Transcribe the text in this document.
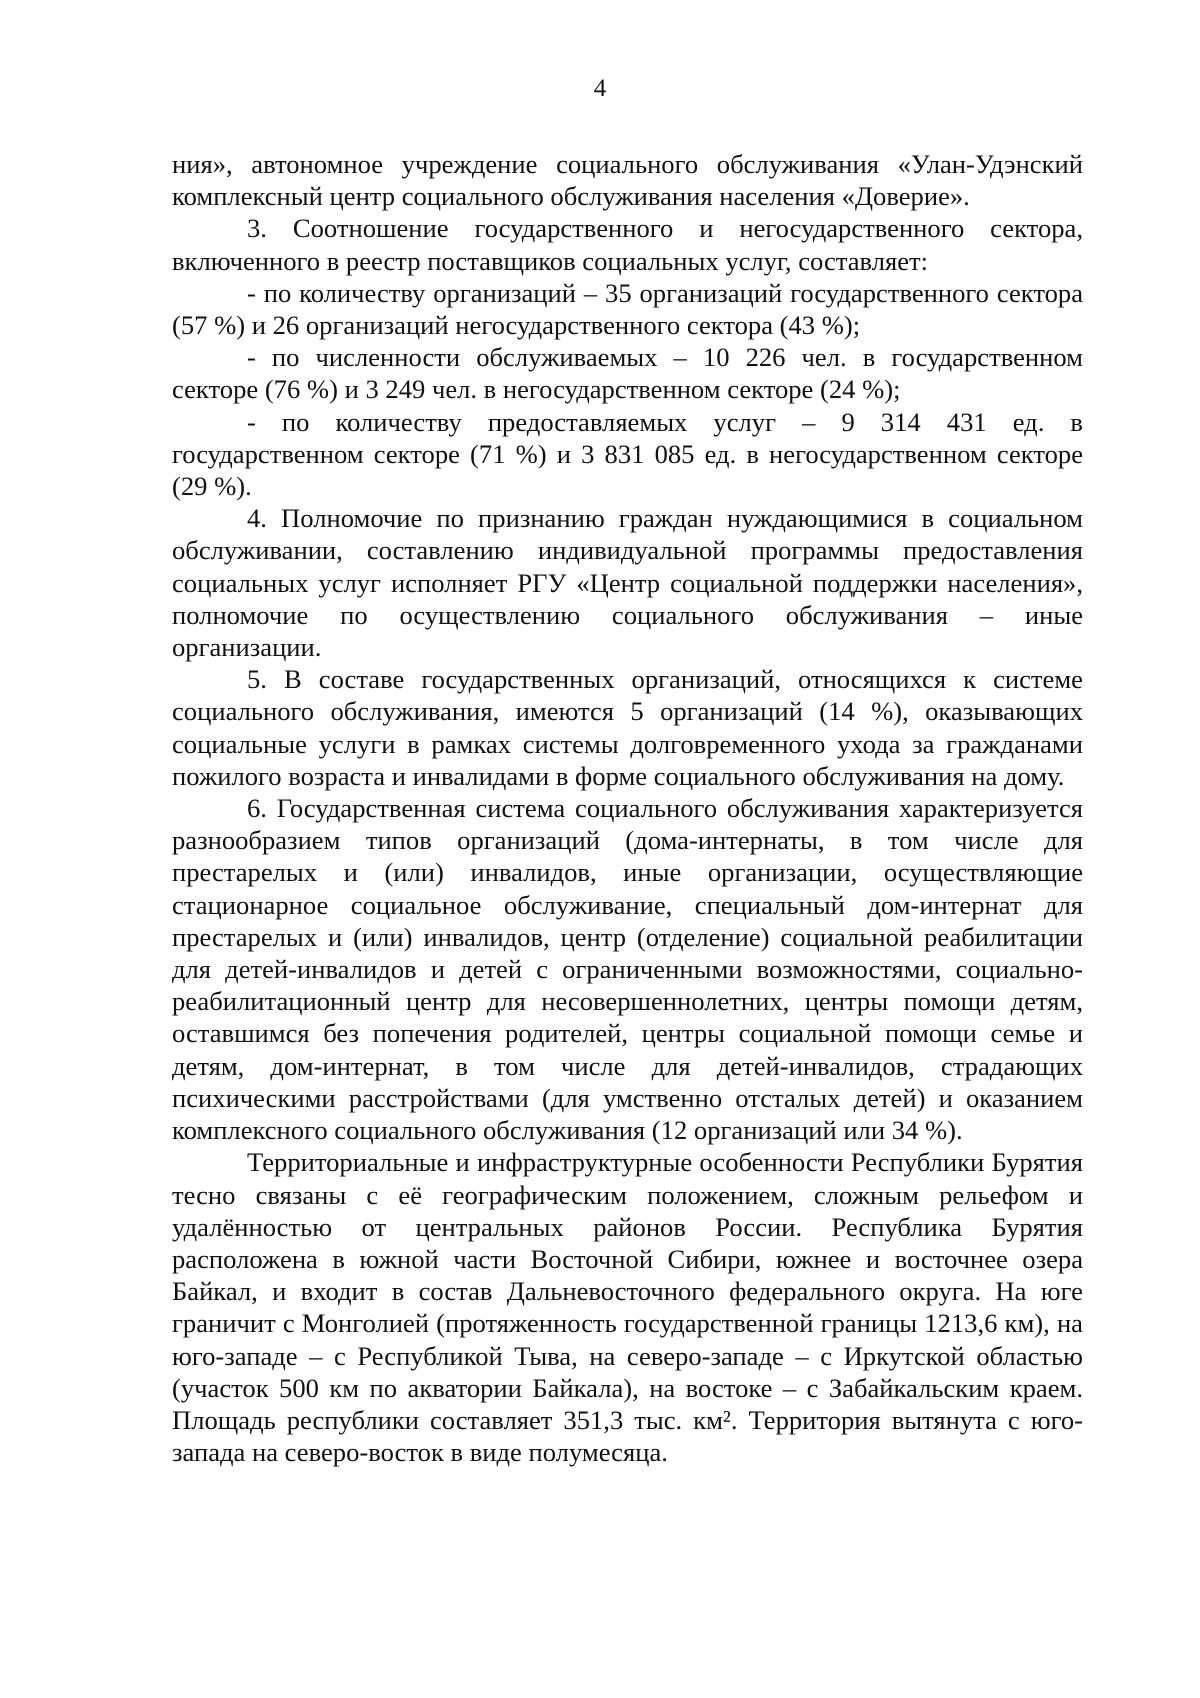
4

ния», автономное учреждение социального обслуживания «Улан-Удэнский комплексный центр социального обслуживания населения «Доверие».

3. Соотношение государственного и негосударственного сектора, включенного в реестр поставщиков социальных услуг, составляет:

- по количеству организаций – 35 организаций государственного сектора (57 %) и 26 организаций негосударственного сектора (43 %);

- по численности обслуживаемых – 10 226 чел. в государственном секторе (76 %) и 3 249 чел. в негосударственном секторе (24 %);

- по количеству предоставляемых услуг – 9 314 431 ед. в государственном секторе (71 %) и 3 831 085 ед. в негосударственном секторе (29 %).

4. Полномочие по признанию граждан нуждающимися в социальном обслуживании, составлению индивидуальной программы предоставления социальных услуг исполняет РГУ «Центр социальной поддержки населения», полномочие по осуществлению социального обслуживания – иные организации.

5. В составе государственных организаций, относящихся к системе социального обслуживания, имеются 5 организаций (14 %), оказывающих социальные услуги в рамках системы долговременного ухода за гражданами пожилого возраста и инвалидами в форме социального обслуживания на дому.

6. Государственная система социального обслуживания характеризуется разнообразием типов организаций (дома-интернаты, в том числе для престарелых и (или) инвалидов, иные организации, осуществляющие стационарное социальное обслуживание, специальный дом-интернат для престарелых и (или) инвалидов, центр (отделение) социальной реабилитации для детей-инвалидов и детей с ограниченными возможностями, социально-реабилитационный центр для несовершеннолетних, центры помощи детям, оставшимся без попечения родителей, центры социальной помощи семье и детям, дом-интернат, в том числе для детей-инвалидов, страдающих психическими расстройствами (для умственно отсталых детей) и оказанием комплексного социального обслуживания (12 организаций или 34 %).

Территориальные и инфраструктурные особенности Республики Бурятия тесно связаны с её географическим положением, сложным рельефом и удалённостью от центральных районов России. Республика Бурятия расположена в южной части Восточной Сибири, южнее и восточнее озера Байкал, и входит в состав Дальневосточного федерального округа. На юге граничит с Монголией (протяженность государственной границы 1213,6 км), на юго-западе – с Республикой Тыва, на северо-западе – с Иркутской областью (участок 500 км по акватории Байкала), на востоке – с Забайкальским краем. Площадь республики составляет 351,3 тыс. км². Территория вытянута с юго-запада на северо-восток в виде полумесяца.
